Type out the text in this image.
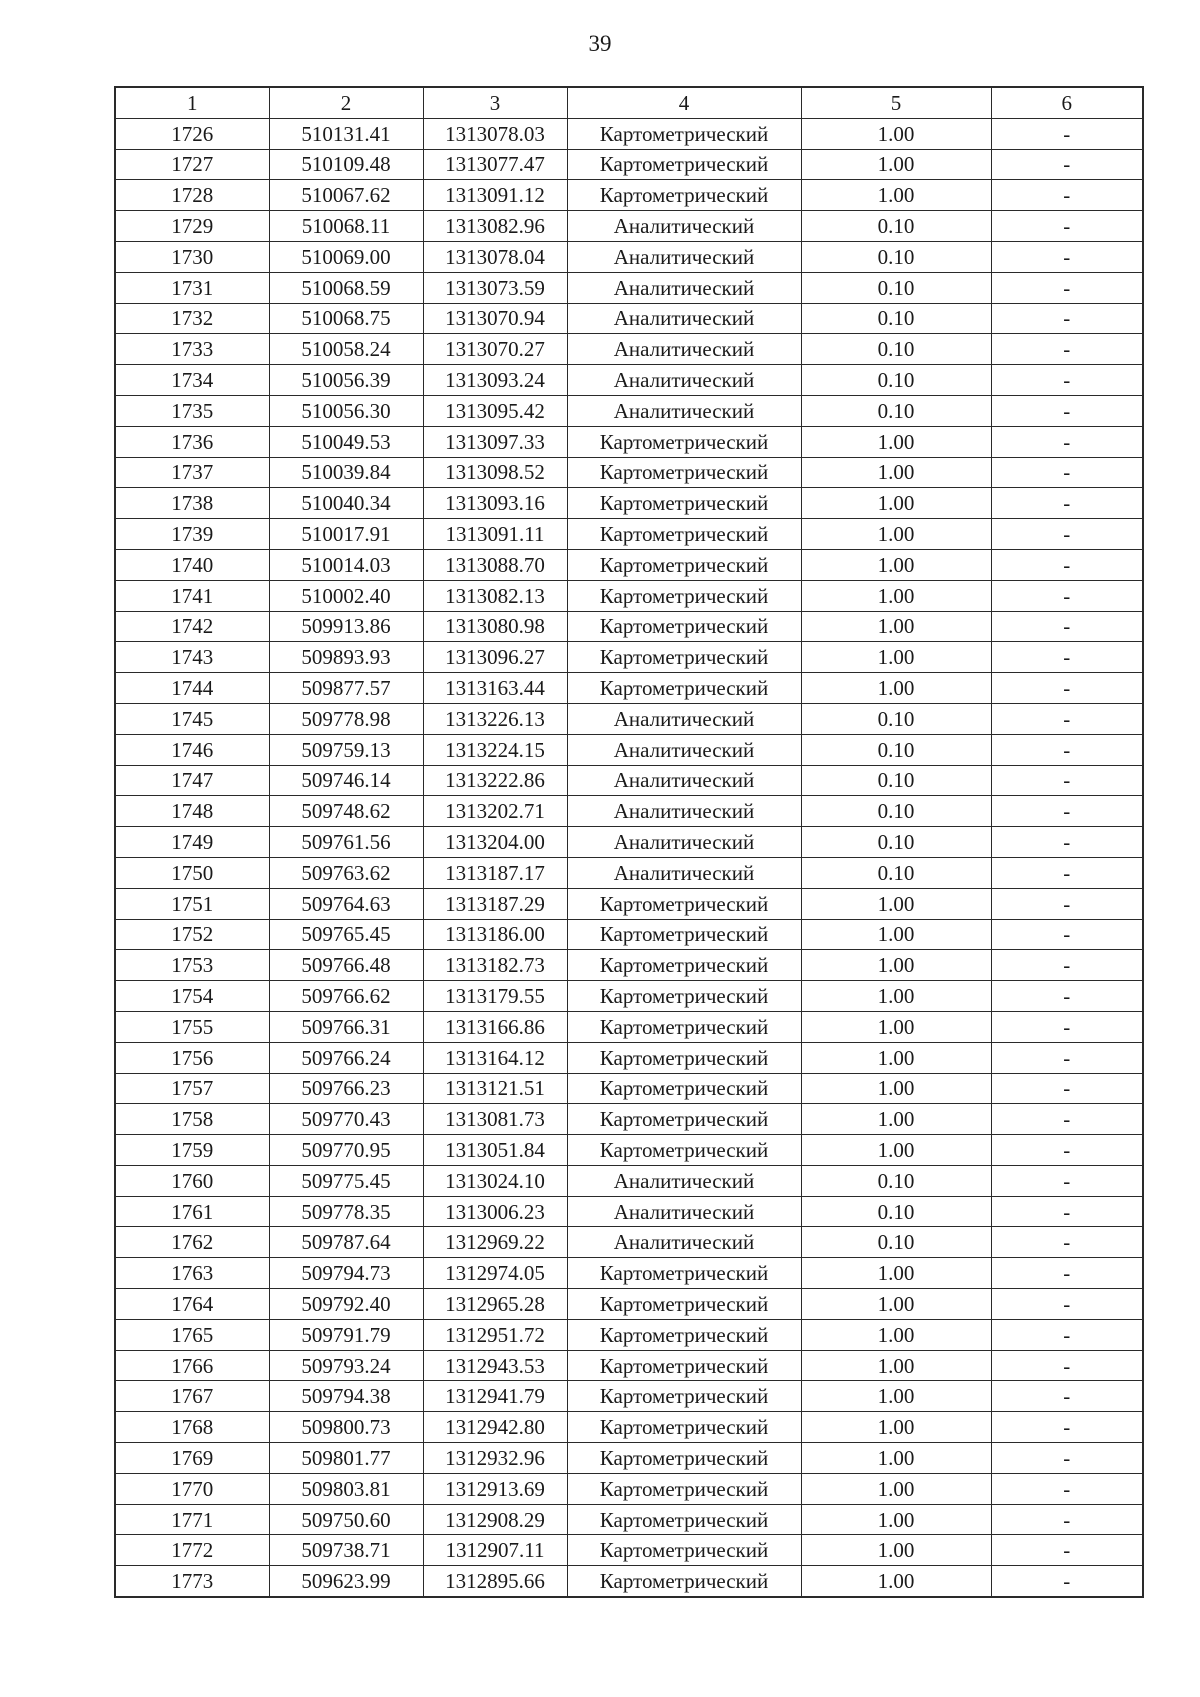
39
1	2	3	4	5	6
1726	510131.41	1313078.03	Картометрический	1.00	-
1727	510109.48	1313077.47	Картометрический	1.00	-
1728	510067.62	1313091.12	Картометрический	1.00	-
1729	510068.11	1313082.96	Аналитический	0.10	-
1730	510069.00	1313078.04	Аналитический	0.10	-
1731	510068.59	1313073.59	Аналитический	0.10	-
1732	510068.75	1313070.94	Аналитический	0.10	-
1733	510058.24	1313070.27	Аналитический	0.10	-
1734	510056.39	1313093.24	Аналитический	0.10	-
1735	510056.30	1313095.42	Аналитический	0.10	-
1736	510049.53	1313097.33	Картометрический	1.00	-
1737	510039.84	1313098.52	Картометрический	1.00	-
1738	510040.34	1313093.16	Картометрический	1.00	-
1739	510017.91	1313091.11	Картометрический	1.00	-
1740	510014.03	1313088.70	Картометрический	1.00	-
1741	510002.40	1313082.13	Картометрический	1.00	-
1742	509913.86	1313080.98	Картометрический	1.00	-
1743	509893.93	1313096.27	Картометрический	1.00	-
1744	509877.57	1313163.44	Картометрический	1.00	-
1745	509778.98	1313226.13	Аналитический	0.10	-
1746	509759.13	1313224.15	Аналитический	0.10	-
1747	509746.14	1313222.86	Аналитический	0.10	-
1748	509748.62	1313202.71	Аналитический	0.10	-
1749	509761.56	1313204.00	Аналитический	0.10	-
1750	509763.62	1313187.17	Аналитический	0.10	-
1751	509764.63	1313187.29	Картометрический	1.00	-
1752	509765.45	1313186.00	Картометрический	1.00	-
1753	509766.48	1313182.73	Картометрический	1.00	-
1754	509766.62	1313179.55	Картометрический	1.00	-
1755	509766.31	1313166.86	Картометрический	1.00	-
1756	509766.24	1313164.12	Картометрический	1.00	-
1757	509766.23	1313121.51	Картометрический	1.00	-
1758	509770.43	1313081.73	Картометрический	1.00	-
1759	509770.95	1313051.84	Картометрический	1.00	-
1760	509775.45	1313024.10	Аналитический	0.10	-
1761	509778.35	1313006.23	Аналитический	0.10	-
1762	509787.64	1312969.22	Аналитический	0.10	-
1763	509794.73	1312974.05	Картометрический	1.00	-
1764	509792.40	1312965.28	Картометрический	1.00	-
1765	509791.79	1312951.72	Картометрический	1.00	-
1766	509793.24	1312943.53	Картометрический	1.00	-
1767	509794.38	1312941.79	Картометрический	1.00	-
1768	509800.73	1312942.80	Картометрический	1.00	-
1769	509801.77	1312932.96	Картометрический	1.00	-
1770	509803.81	1312913.69	Картометрический	1.00	-
1771	509750.60	1312908.29	Картометрический	1.00	-
1772	509738.71	1312907.11	Картометрический	1.00	-
1773	509623.99	1312895.66	Картометрический	1.00	-
